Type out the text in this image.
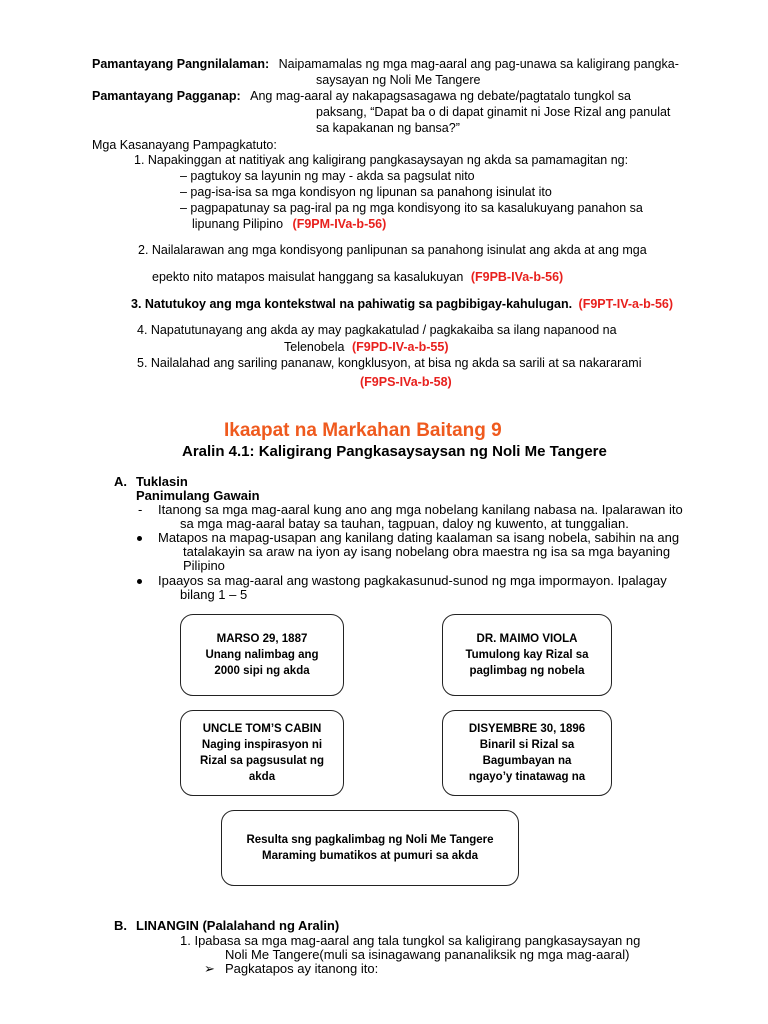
Pamantayang Pangnilalaman: Naipamamalas ng mga mag-aaral ang pag-unawa sa kaligirang pangka-
saysayan ng Noli Me Tangere
Pamantayang Pagganap: Ang mag-aaral ay nakapagsasagawa ng debate/pagtatalo tungkol sa
paksang, “Dapat ba o di dapat ginamit ni Jose Rizal ang panulat
sa kapakanan ng bansa?”
Mga Kasanayang Pampagkatuto:
1. Napakinggan at natitiyak ang kaligirang pangkasaysayan ng akda sa pamamagitan ng:
– pagtukoy sa layunin ng may - akda sa pagsulat nito
– pag-isa-isa sa mga kondisyon ng lipunan sa panahong isinulat ito
– pagpapatunay sa pag-iral pa ng mga kondisyong ito sa kasalukuyang panahon sa
lipunang Pilipino (F9PM-IVa-b-56)
2. Nailalarawan ang mga kondisyong panlipunan sa panahong isinulat ang akda at ang mga
epekto nito matapos maisulat hanggang sa kasalukuyan (F9PB-IVa-b-56)
3. Natutukoy ang mga kontekstwal na pahiwatig sa pagbibigay-kahulugan. (F9PT-IV-a-b-56)
4. Napatutunayang ang akda ay may pagkakatulad / pagkakaiba sa ilang napanood na
Telenobela (F9PD-IV-a-b-55)
5. Nailalahad ang sariling pananaw, kongklusyon, at bisa ng akda sa sarili at sa nakararami
(F9PS-IVa-b-58)
Ikaapat na Markahan Baitang 9
Aralin 4.1: Kaligirang Pangkasaysaysan ng Noli Me Tangere
A. Tuklasin
Panimulang Gawain
- Itanong sa mga mag-aaral kung ano ang mga nobelang kanilang nabasa na. Ipalarawan ito
sa mga mag-aaral batay sa tauhan, tagpuan, daloy ng kuwento, at tunggalian.
Matapos na mapag-usapan ang kanilang dating kaalaman sa isang nobela, sabihin na ang
tatalakayin sa araw na iyon ay isang nobelang obra maestra ng isa sa mga bayaning
Pilipino
Ipaayos sa mag-aaral ang wastong pagkakasunud-sunod ng mga impormayon. Ipalagay
bilang 1 – 5
MARSO 29, 1887
Unang nalimbag ang
2000 sipi ng akda
DR. MAIMO VIOLA
Tumulong kay Rizal sa
paglimbag ng nobela
UNCLE TOM’S CABIN
Naging inspirasyon ni
Rizal sa pagsusulat ng
akda
DISYEMBRE 30, 1896
Binaril si Rizal sa
Bagumbayan na
ngayo’y tinatawag na
Resulta sng pagkalimbag ng Noli Me Tangere
Maraming bumatikos at pumuri sa akda
B. LINANGIN (Palalahand ng Aralin)
1. Ipabasa sa mga mag-aaral ang tala tungkol sa kaligirang pangkasaysayan ng
Noli Me Tangere(muli sa isinagawang pananaliksik ng mga mag-aaral)
➢ Pagkatapos ay itanong ito:
